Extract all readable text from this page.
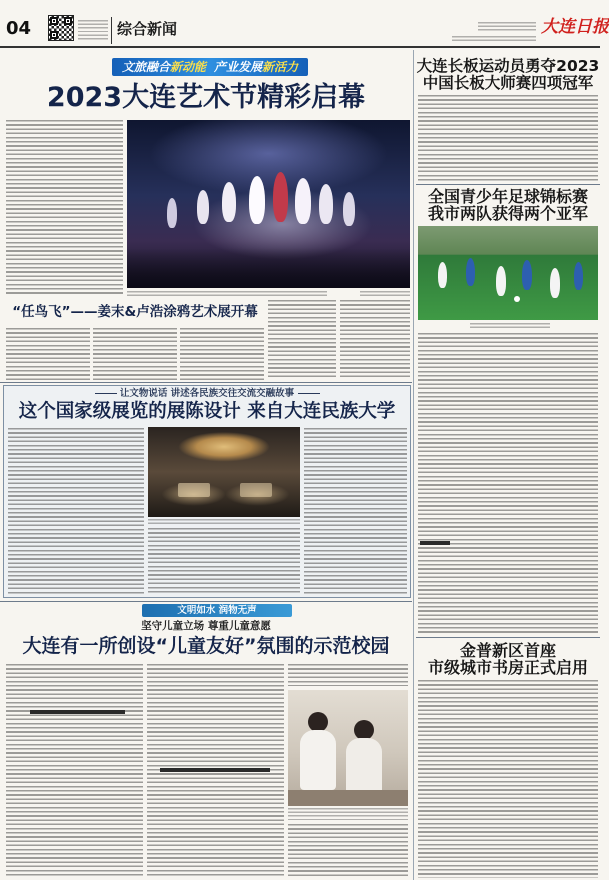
04	综合新闻	大连日报
文旅融合新动能 产业发展新活力
2023大连艺术节精彩启幕
“任鸟飞”——姜末&卢浩涂鸦艺术展开幕
让文物说话 讲述各民族交往交流交融故事
这个国家级展览的展陈设计 来自大连民族大学
文明如水 润物无声
坚守儿童立场 尊重儿童意愿
大连有一所创设“儿童友好”氛围的示范校园
大连长板运动员勇夺2023
中国长板大师赛四项冠军
全国青少年足球锦标赛
我市两队获得两个亚军
金普新区首座
市级城市书房正式启用
